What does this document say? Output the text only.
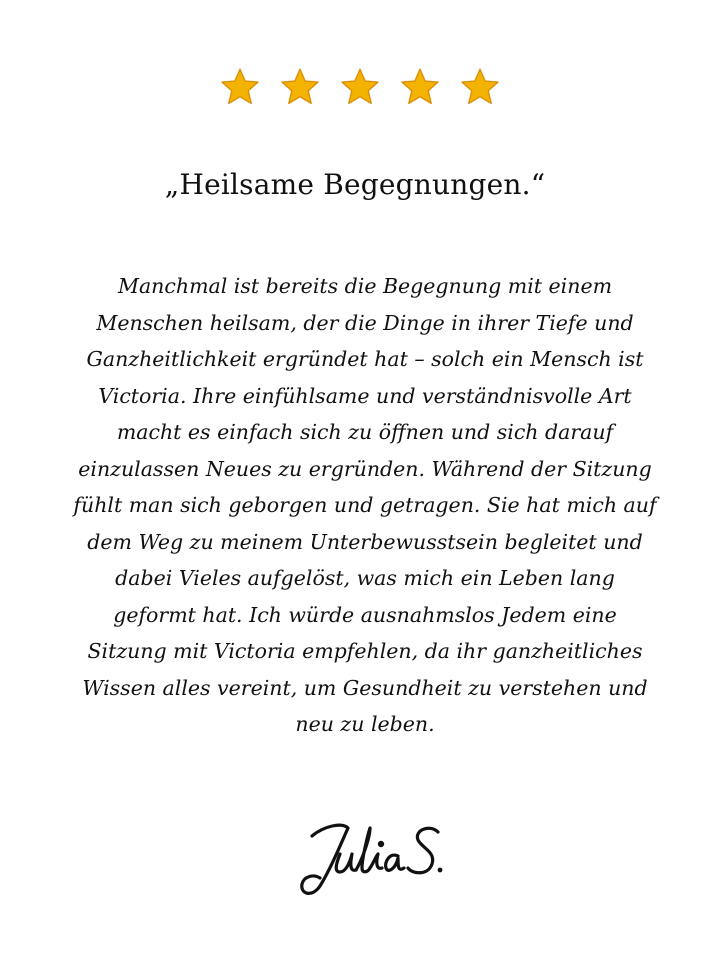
„Heilsame Begegnungen.“

Manchmal ist bereits die Begegnung mit einem Menschen heilsam, der die Dinge in ihrer Tiefe und Ganzheitlichkeit ergründet hat – solch ein Mensch ist Victoria. Ihre einfühlsame und verständnisvolle Art macht es einfach sich zu öffnen und sich darauf einzulassen Neues zu ergründen. Während der Sitzung fühlt man sich geborgen und getragen. Sie hat mich auf dem Weg zu meinem Unterbewusstsein begleitet und dabei Vieles aufgelöst, was mich ein Leben lang geformt hat. Ich würde ausnahmslos Jedem eine Sitzung mit Victoria empfehlen, da ihr ganzheitliches Wissen alles vereint, um Gesundheit zu verstehen und neu zu leben.

Julia S.
